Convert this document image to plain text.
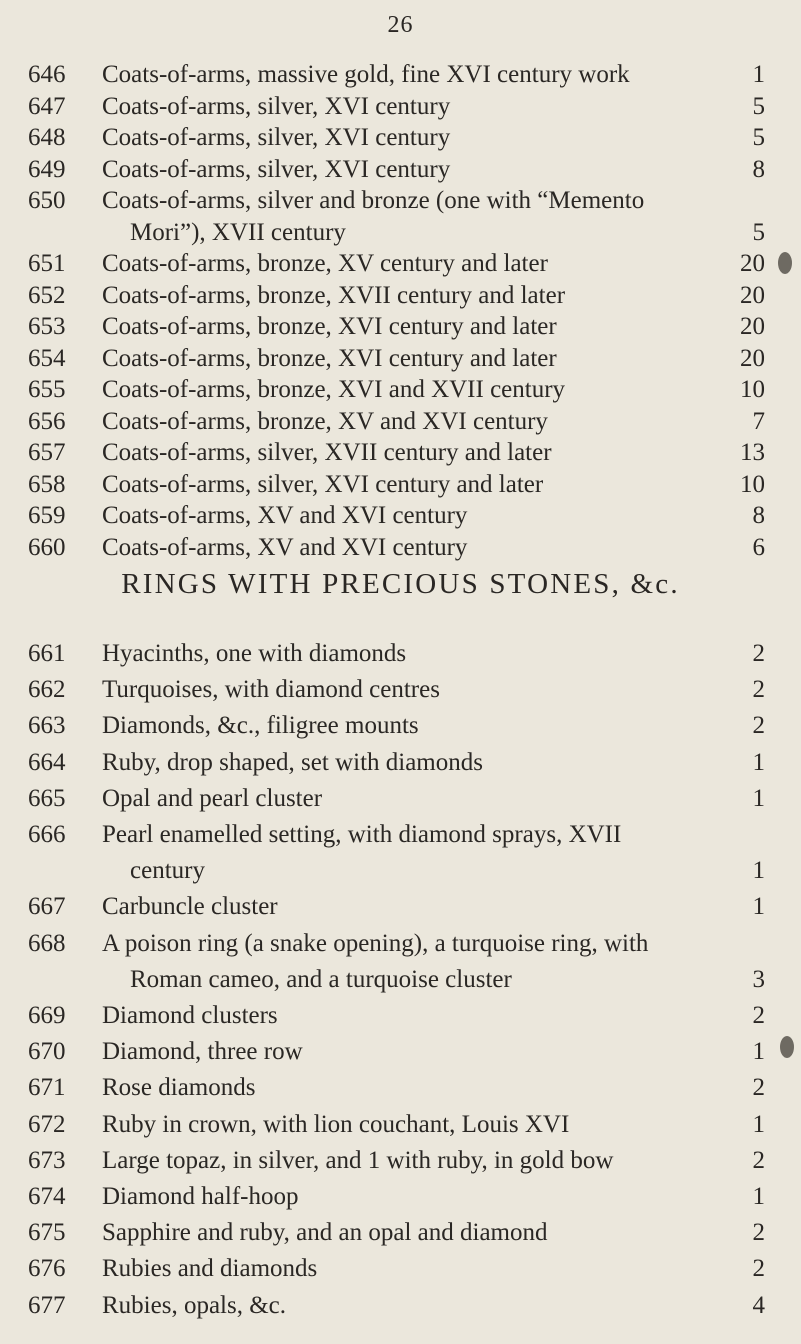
26
646	Coats-of-arms, massive gold, fine XVI century work	1
647	Coats-of-arms, silver, XVI century	5
648	Coats-of-arms, silver, XVI century	5
649	Coats-of-arms, silver, XVI century	8
650	Coats-of-arms, silver and bronze (one with “Memento
Mori”), XVII century	5
651	Coats-of-arms, bronze, XV century and later	20
652	Coats-of-arms, bronze, XVII century and later	20
653	Coats-of-arms, bronze, XVI century and later	20
654	Coats-of-arms, bronze, XVI century and later	20
655	Coats-of-arms, bronze, XVI and XVII century	10
656	Coats-of-arms, bronze, XV and XVI century	7
657	Coats-of-arms, silver, XVII century and later	13
658	Coats-of-arms, silver, XVI century and later	10
659	Coats-of-arms, XV and XVI century	8
660	Coats-of-arms, XV and XVI century	6
RINGS WITH PRECIOUS STONES, &c.
661	Hyacinths, one with diamonds	2
662	Turquoises, with diamond centres	2
663	Diamonds, &c., filigree mounts	2
664	Ruby, drop shaped, set with diamonds	1
665	Opal and pearl cluster	1
666	Pearl enamelled setting, with diamond sprays, XVII
century	1
667	Carbuncle cluster	1
668	A poison ring (a snake opening), a turquoise ring, with
Roman cameo, and a turquoise cluster	3
669	Diamond clusters	2
670	Diamond, three row	1
671	Rose diamonds	2
672	Ruby in crown, with lion couchant, Louis XVI	1
673	Large topaz, in silver, and 1 with ruby, in gold bow	2
674	Diamond half-hoop	1
675	Sapphire and ruby, and an opal and diamond	2
676	Rubies and diamonds	2
677	Rubies, opals, &c.	4
